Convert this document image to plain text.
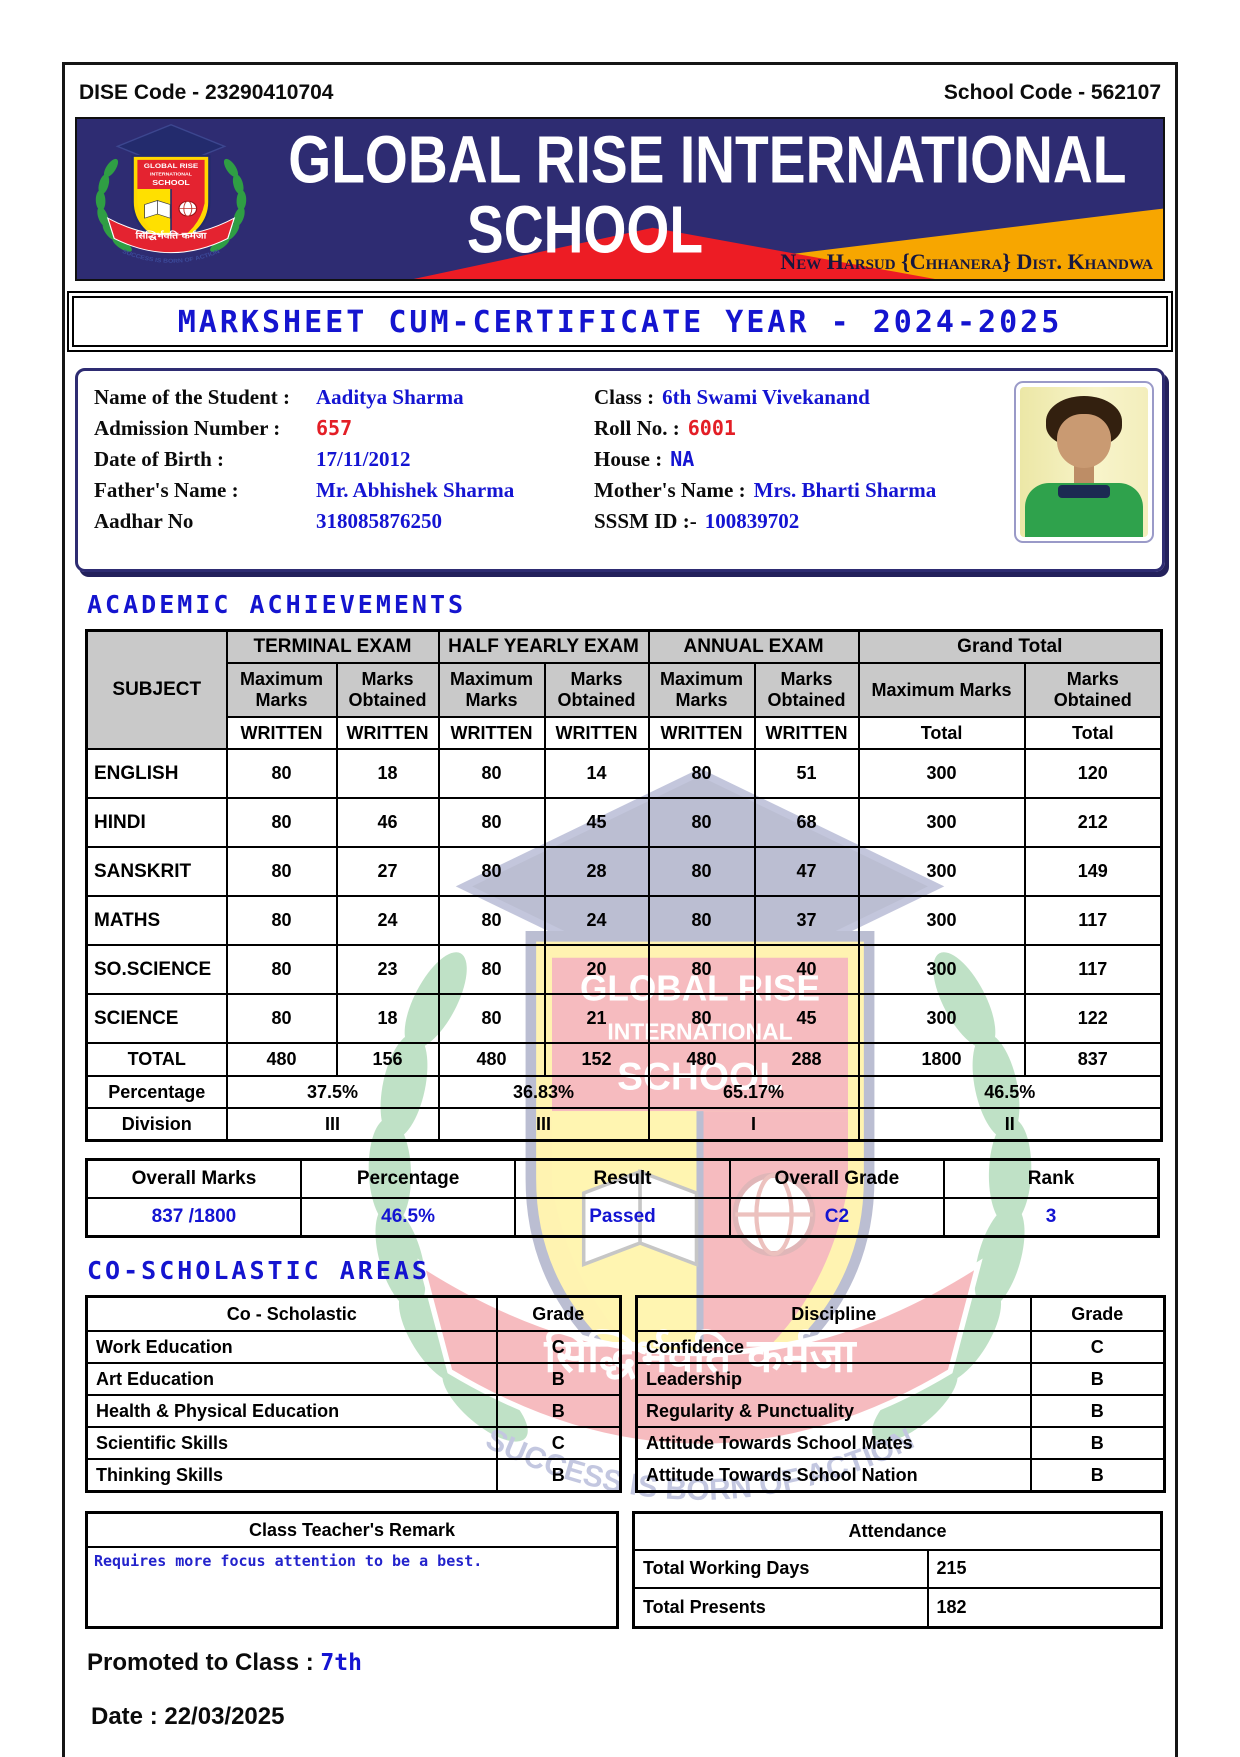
DISE Code - 23290410704	School Code - 562107
GLOBAL RISE INTERNATIONAL
SCHOOL	New Harsud {Chhanera} Dist. Khandwa
MARKSHEET CUM-CERTIFICATE YEAR - 2024-2025
Name of the Student :	Aaditya Sharma	Class : 6th Swami Vivekanand
Admission Number :	657	Roll No. : 6001
Date of Birth :	17/11/2012	House : NA
Father's Name :	Mr. Abhishek Sharma	Mother's Name : Mrs. Bharti Sharma
Aadhar No	318085876250	SSSM ID :- 100839702
ACADEMIC ACHIEVEMENTS
SUBJECT	TERMINAL EXAM		HALF YEARLY EXAM		ANNUAL EXAM		Grand Total	
	Maximum Marks	Marks Obtained	Maximum Marks	Marks Obtained	Maximum Marks	Marks Obtained	Maximum Marks	Marks Obtained
	WRITTEN	WRITTEN	WRITTEN	WRITTEN	WRITTEN	WRITTEN	Total	Total
ENGLISH	80	18	80	14	80	51	300	120
HINDI	80	46	80	45	80	68	300	212
SANSKRIT	80	27	80	28	80	47	300	149
MATHS	80	24	80	24	80	37	300	117
SO.SCIENCE	80	23	80	20	80	40	300	117
SCIENCE	80	18	80	21	80	45	300	122
TOTAL	480	156	480	152	480	288	1800	837
Percentage	37.5%		36.83%		65.17%		46.5%	
Division	III		III		I		II	
Overall Marks	Percentage	Result	Overall Grade	Rank
837 /1800	46.5%	Passed	C2	3
CO-SCHOLASTIC AREAS
Co - Scholastic	Grade
Work Education	C
Art Education	B
Health & Physical Education	B
Scientific Skills	C
Thinking Skills	B
Discipline	Grade
Confidence	C
Leadership	B
Regularity & Punctuality	B
Attitude Towards School Mates	B
Attitude Towards School Nation	B
Class Teacher's Remark
Requires more focus attention to be a best.
Attendance	
Total Working Days	215
Total Presents	182
Promoted to Class : 7th
Date : 22/03/2025
